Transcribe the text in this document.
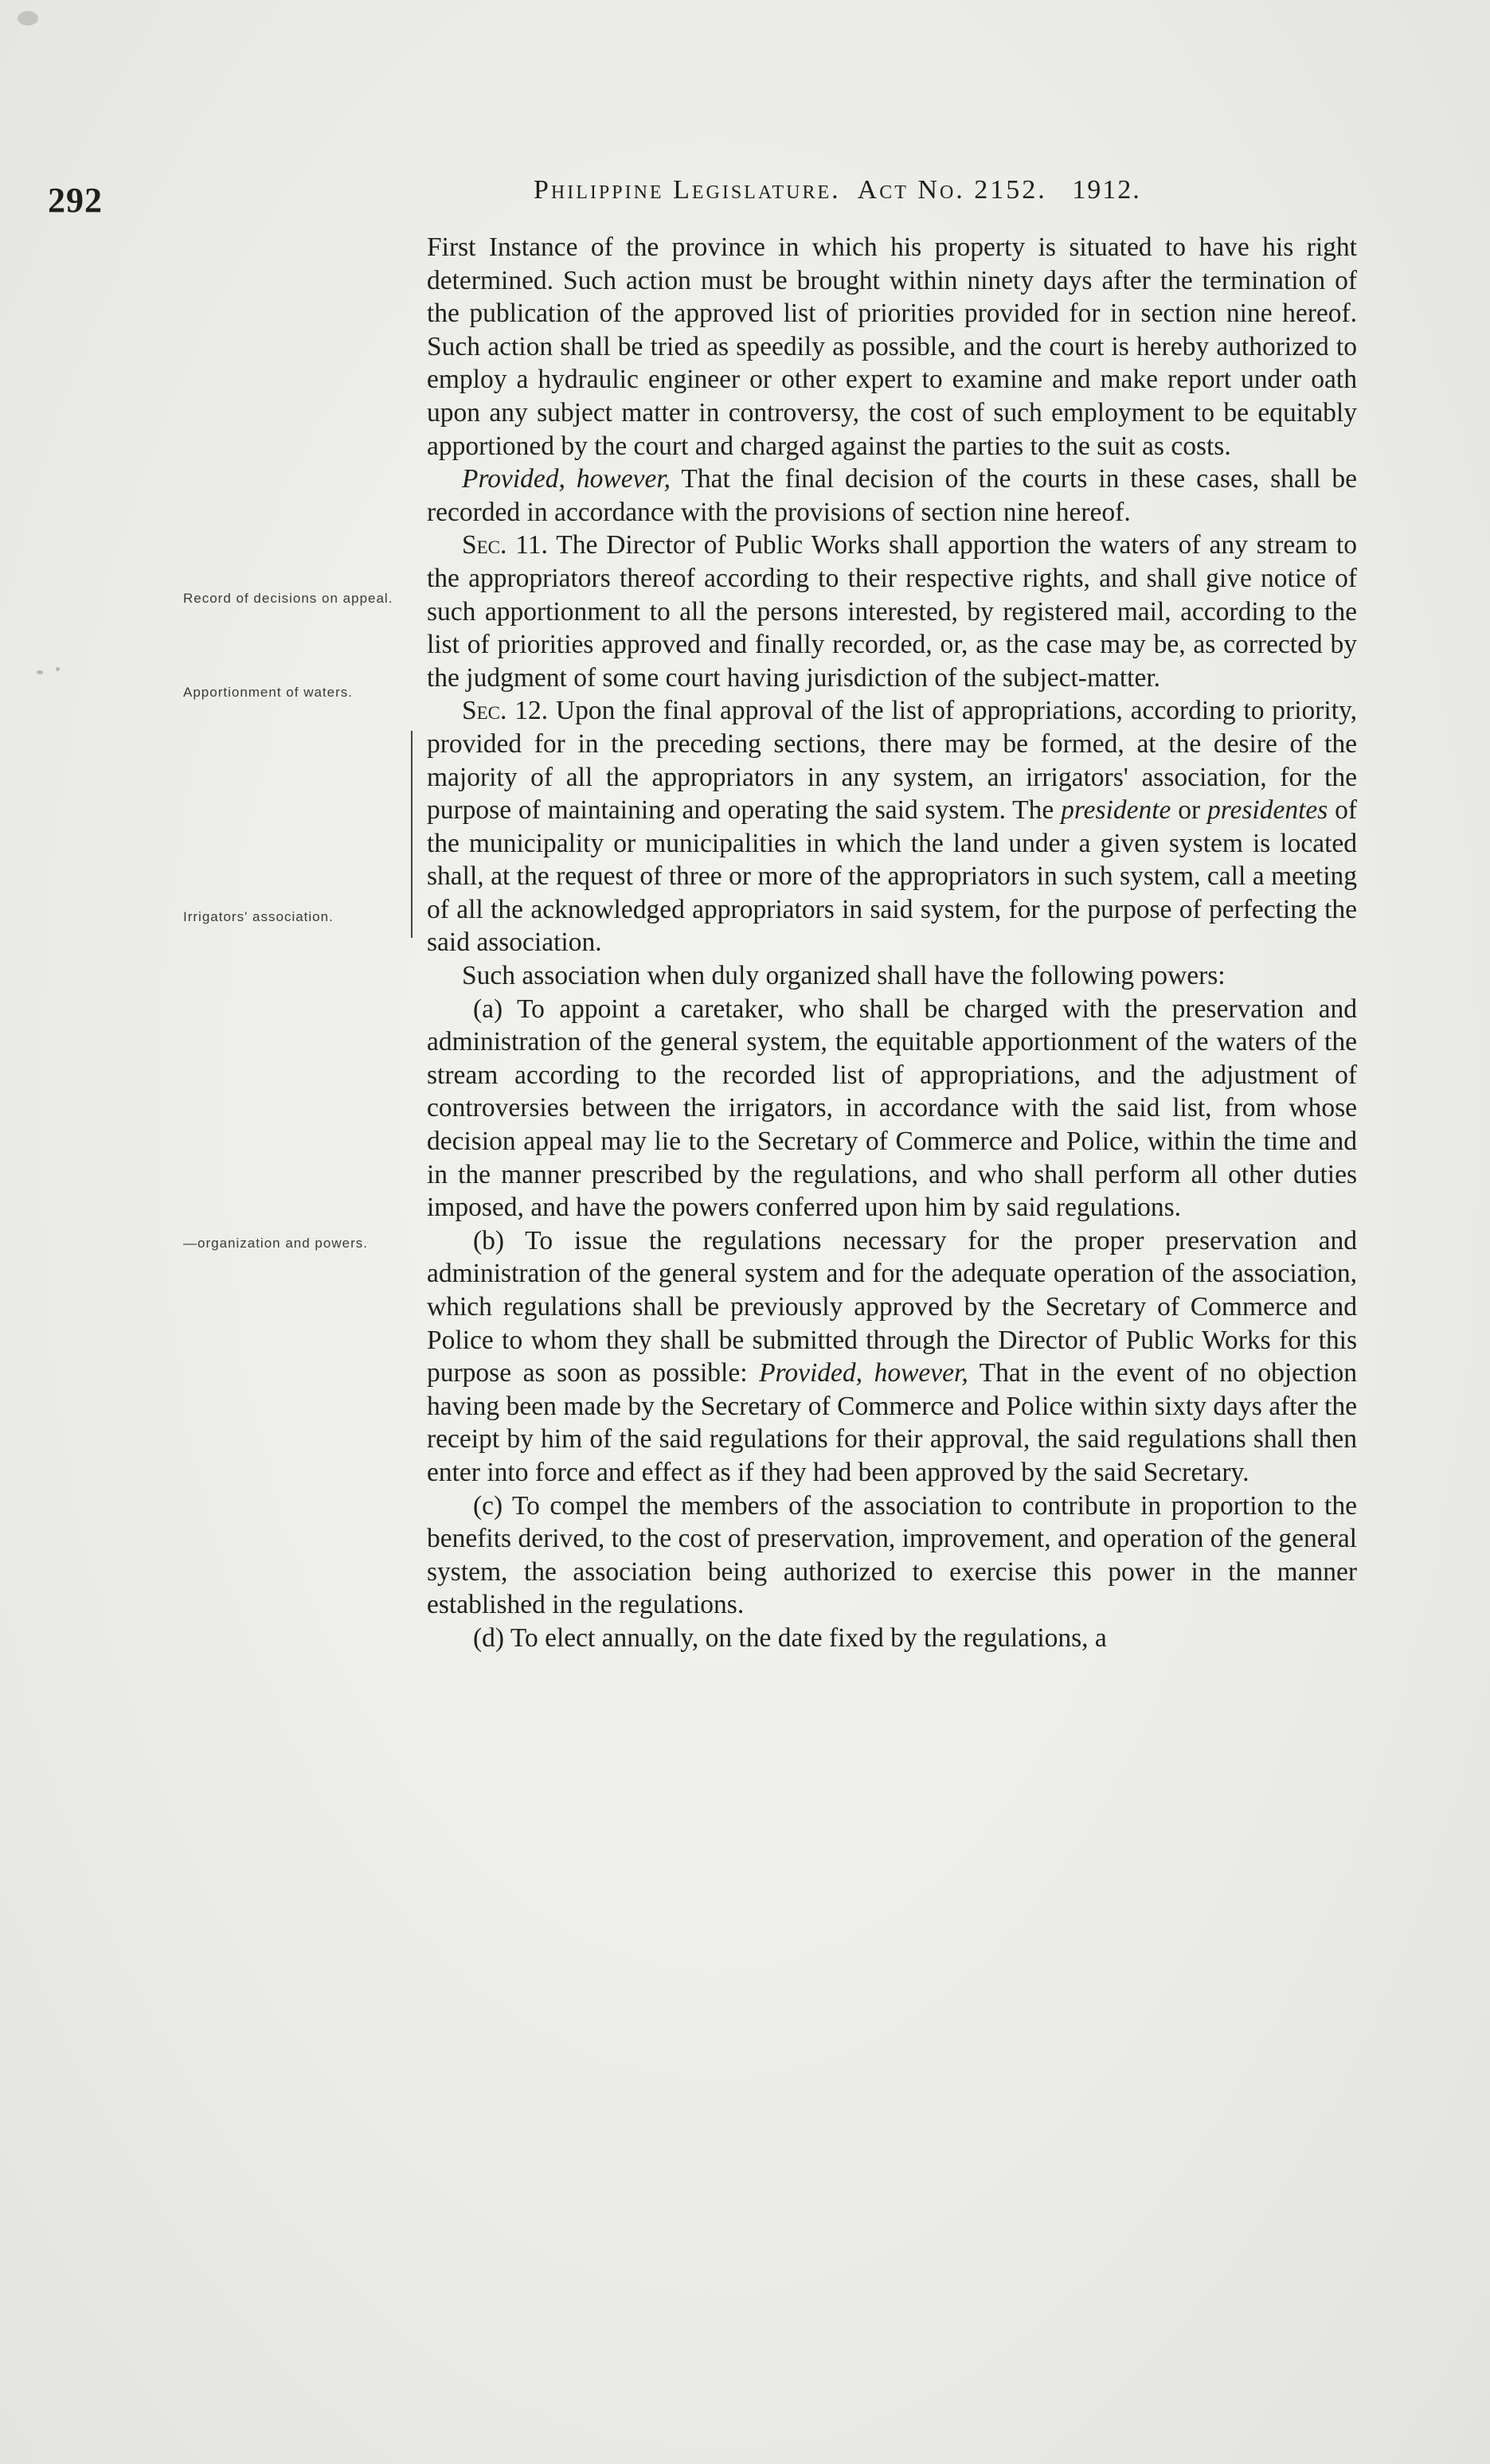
292	Philippine Legislature. Act No. 2152. 1912.
Record of decisions on appeal.
Apportionment of waters.
Irrigators' association.
—organization and powers.

First Instance of the province in which his property is situated to have his right determined. Such action must be brought within ninety days after the termination of the publication of the approved list of priorities provided for in section nine hereof. Such action shall be tried as speedily as possible, and the court is hereby authorized to employ a hydraulic engineer or other expert to examine and make report under oath upon any subject matter in controversy, the cost of such employment to be equitably apportioned by the court and charged against the parties to the suit as costs.

Provided, however, That the final decision of the courts in these cases, shall be recorded in accordance with the provisions of section nine hereof.

Sec. 11. The Director of Public Works shall apportion the waters of any stream to the appropriators thereof according to their respective rights, and shall give notice of such apportionment to all the persons interested, by registered mail, according to the list of priorities approved and finally recorded, or, as the case may be, as corrected by the judgment of some court having jurisdiction of the subject-matter.

Sec. 12. Upon the final approval of the list of appropriations, according to priority, provided for in the preceding sections, there may be formed, at the desire of the majority of all the appropriators in any system, an irrigators' association, for the purpose of maintaining and operating the said system. The presidente or presidentes of the municipality or municipalities in which the land under a given system is located shall, at the request of three or more of the appropriators in such system, call a meeting of all the acknowledged appropriators in said system, for the purpose of perfecting the said association.

Such association when duly organized shall have the following powers:

(a) To appoint a caretaker, who shall be charged with the preservation and administration of the general system, the equitable apportionment of the waters of the stream according to the recorded list of appropriations, and the adjustment of controversies between the irrigators, in accordance with the said list, from whose decision appeal may lie to the Secretary of Commerce and Police, within the time and in the manner prescribed by the regulations, and who shall perform all other duties imposed, and have the powers conferred upon him by said regulations.

(b) To issue the regulations necessary for the proper preservation and administration of the general system and for the adequate operation of the association, which regulations shall be previously approved by the Secretary of Commerce and Police to whom they shall be submitted through the Director of Public Works for this purpose as soon as possible: Provided, however, That in the event of no objection having been made by the Secretary of Commerce and Police within sixty days after the receipt by him of the said regulations for their approval, the said regulations shall then enter into force and effect as if they had been approved by the said Secretary.

(c) To compel the members of the association to contribute in proportion to the benefits derived, to the cost of preservation, improvement, and operation of the general system, the association being authorized to exercise this power in the manner established in the regulations.

(d) To elect annually, on the date fixed by the regulations, a
